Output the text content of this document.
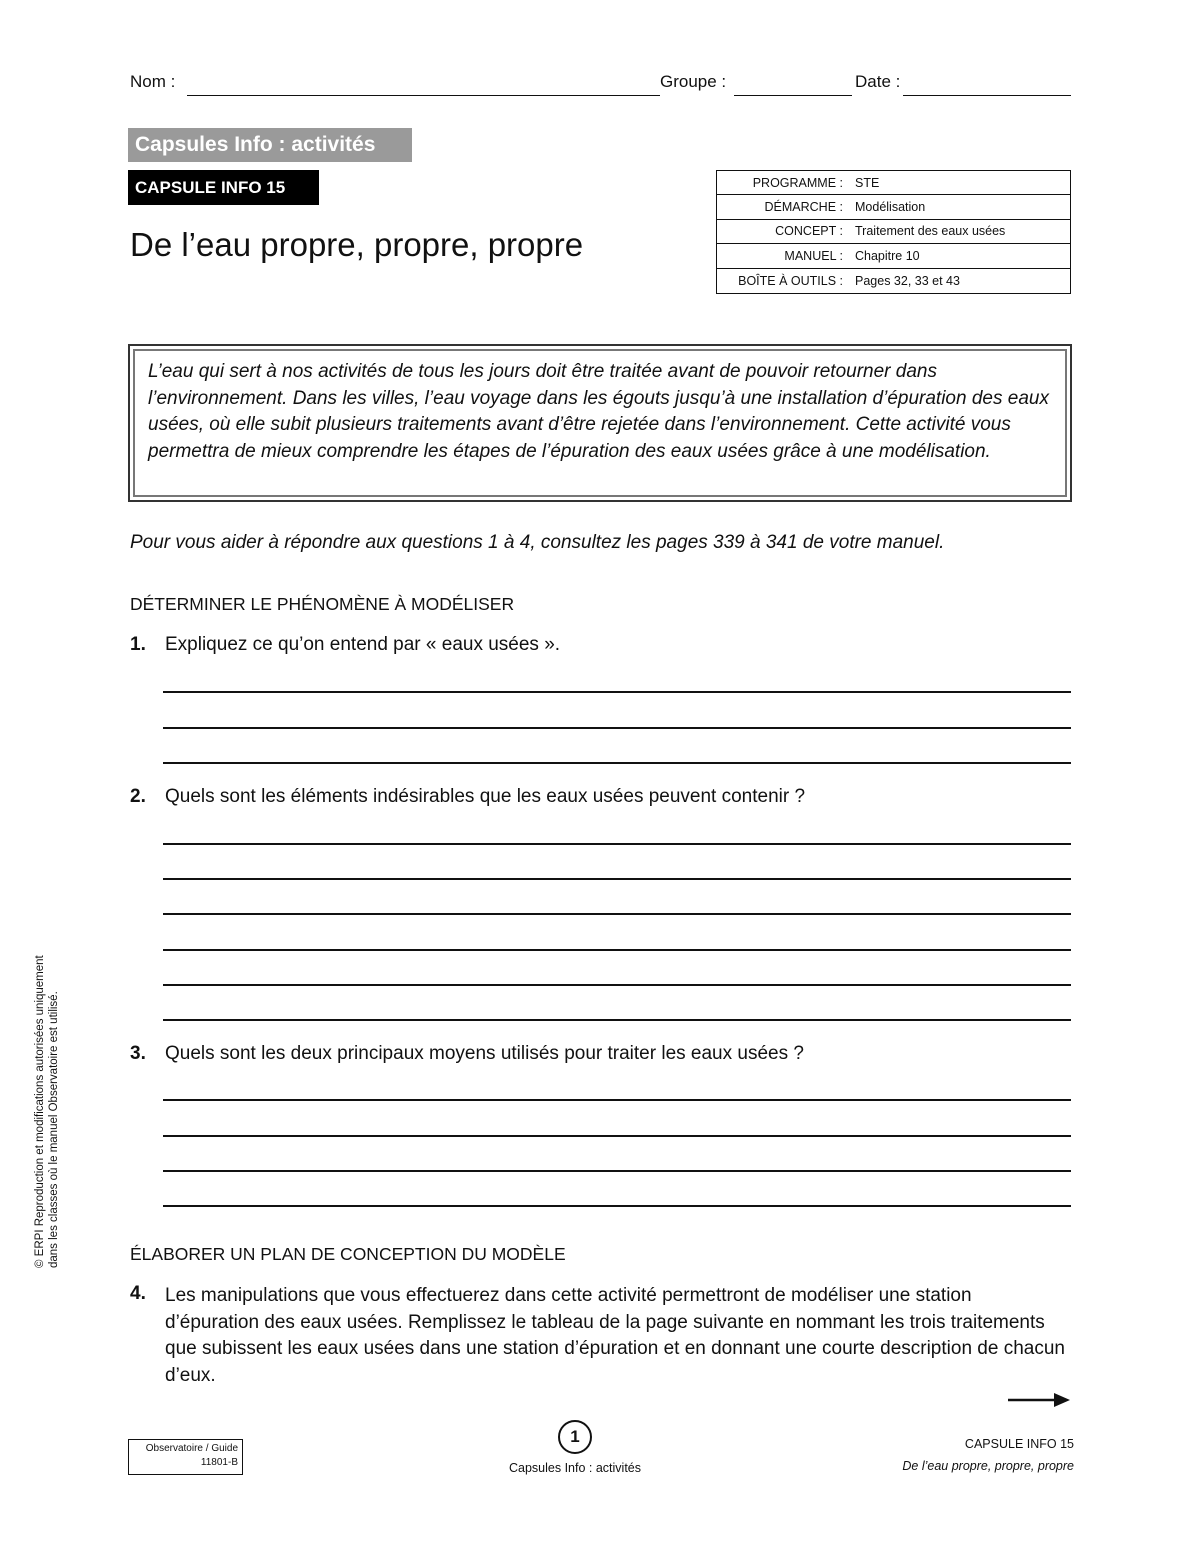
Nom :	Groupe :	Date :
Capsules Info : activités
CAPSULE INFO 15
De l’eau propre, propre, propre
PROGRAMME : STE
DÉMARCHE : Modélisation
CONCEPT : Traitement des eaux usées
MANUEL : Chapitre 10
BOÎTE À OUTILS : Pages 32, 33 et 43

L’eau qui sert à nos activités de tous les jours doit être traitée avant de pouvoir retourner dans l’environnement. Dans les villes, l’eau voyage dans les égouts jusqu’à une installation d’épuration des eaux usées, où elle subit plusieurs traitements avant d’être rejetée dans l’environnement. Cette activité vous permettra de mieux comprendre les étapes de l’épuration des eaux usées grâce à une modélisation.

Pour vous aider à répondre aux questions 1 à 4, consultez les pages 339 à 341 de votre manuel.
DÉTERMINER LE PHÉNOMÈNE À MODÉLISER
1. Expliquez ce qu’on entend par « eaux usées ».
2. Quels sont les éléments indésirables que les eaux usées peuvent contenir ?
3. Quels sont les deux principaux moyens utilisés pour traiter les eaux usées ?
ÉLABORER UN PLAN DE CONCEPTION DU MODÈLE
4. Les manipulations que vous effectuerez dans cette activité permettront de modéliser une station d’épuration des eaux usées. Remplissez le tableau de la page suivante en nommant les trois traitements que subissent les eaux usées dans une station d’épuration et en donnant une courte description de chacun d’eux.
© ERPI Reproduction et modifications autorisées uniquement dans les classes où le manuel Observatoire est utilisé.
Observatoire / Guide
11801-B
1
Capsules Info : activités
CAPSULE INFO 15
De l’eau propre, propre, propre
